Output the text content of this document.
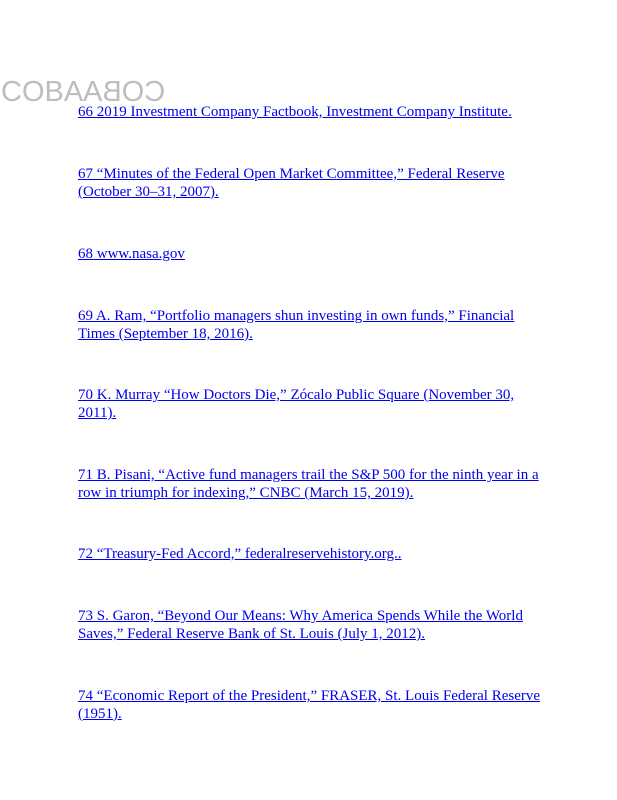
COBACOBA
66 2019 Investment Company Factbook, Investment Company Institute.
67 “Minutes of the Federal Open Market Committee,” Federal Reserve (October 30–31, 2007).
68 www.nasa.gov
69 A. Ram, “Portfolio managers shun investing in own funds,” Financial Times (September 18, 2016).
70 K. Murray “How Doctors Die,” Zócalo Public Square (November 30, 2011).
71 B. Pisani, “Active fund managers trail the S&P 500 for the ninth year in a row in triumph for indexing,” CNBC (March 15, 2019).
72 “Treasury-Fed Accord,” federalreservehistory.org..
73 S. Garon, “Beyond Our Means: Why America Spends While the World Saves,” Federal Reserve Bank of St. Louis (July 1, 2012).
74 “Economic Report of the President,” FRASER, St. Louis Federal Reserve (1951).
